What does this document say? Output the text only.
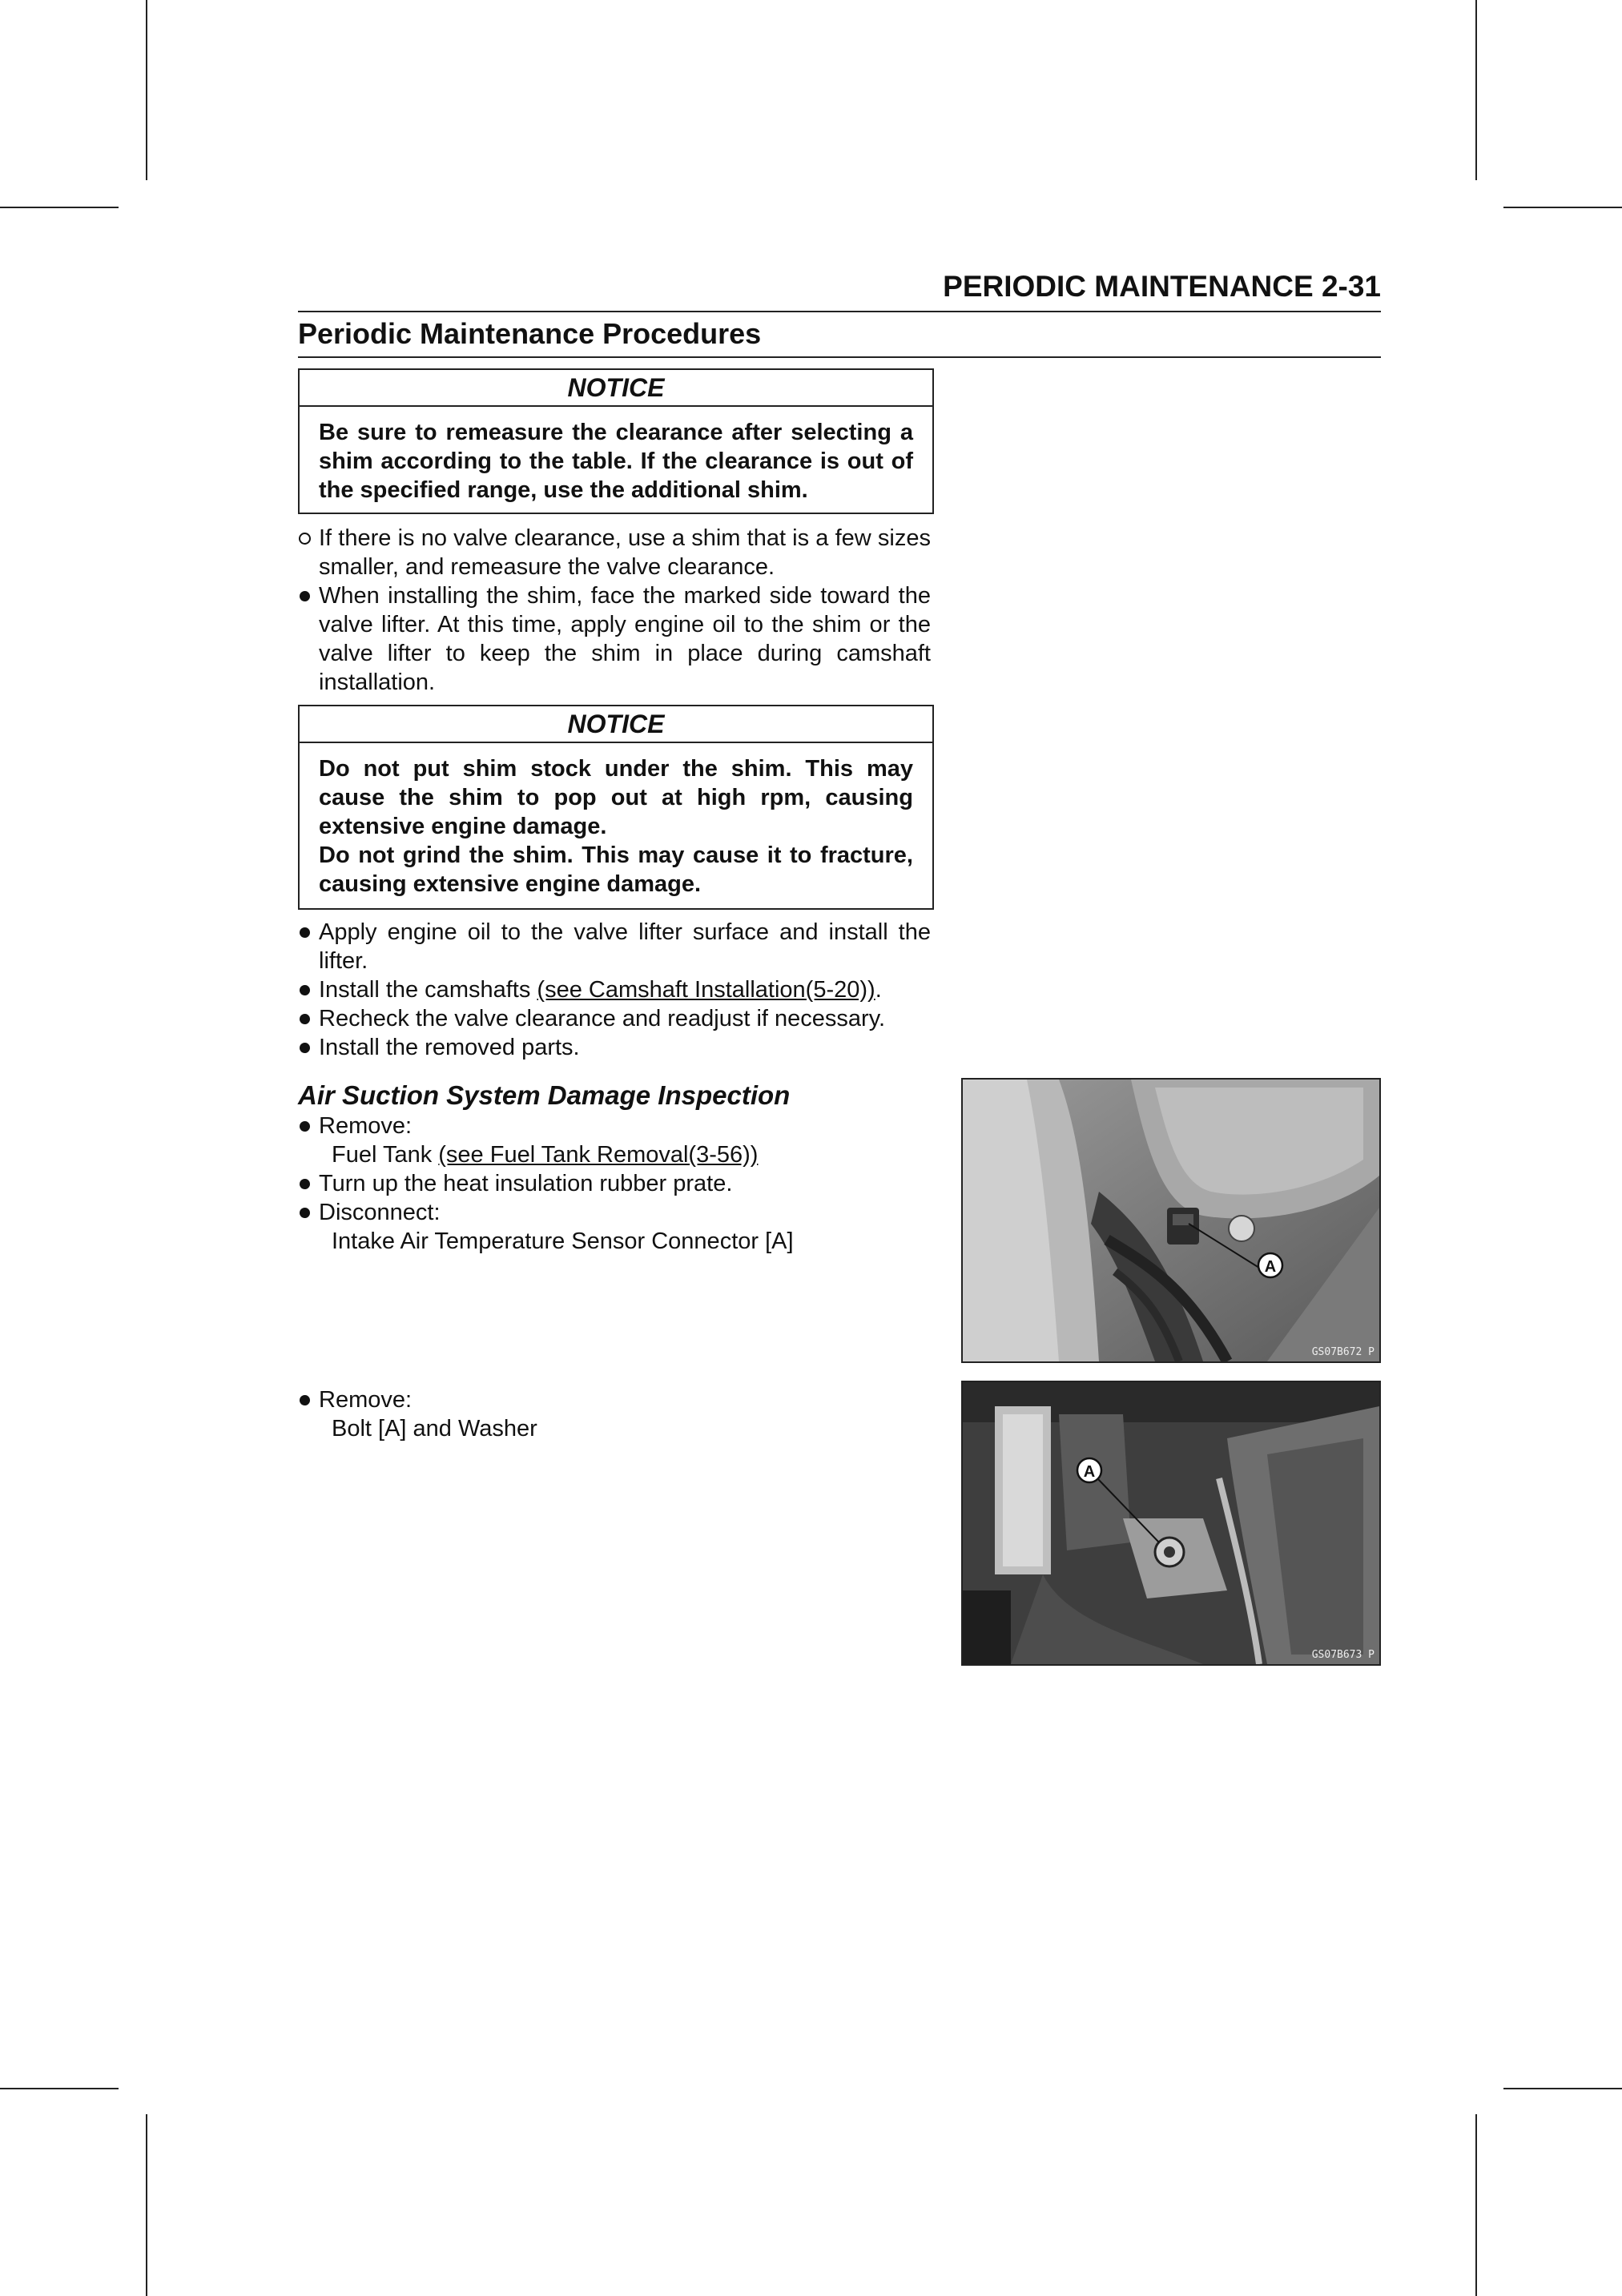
PERIODIC MAINTENANCE 2-31
Periodic Maintenance Procedures
NOTICE

Be sure to remeasure the clearance after selecting a shim according to the table. If the clearance is out of the specified range, use the additional shim.

If there is no valve clearance, use a shim that is a few sizes smaller, and remeasure the valve clearance.
When installing the shim, face the marked side toward the valve lifter. At this time, apply engine oil to the shim or the valve lifter to keep the shim in place during camshaft installation.
NOTICE

Do not put shim stock under the shim. This may cause the shim to pop out at high rpm, causing extensive engine damage.

Do not grind the shim. This may cause it to fracture, causing extensive engine damage.

Apply engine oil to the valve lifter surface and install the lifter.
Install the camshafts (see Camshaft Installation(5-20)).
Recheck the valve clearance and readjust if necessary.
Install the removed parts.
Air Suction System Damage Inspection
Remove:
Fuel Tank (see Fuel Tank Removal(3-56))
Turn up the heat insulation rubber prate.
Disconnect:
Intake Air Temperature Sensor Connector [A]
Remove:
Bolt [A] and Washer
A
GS07B672 P
A
GS07B673 P
